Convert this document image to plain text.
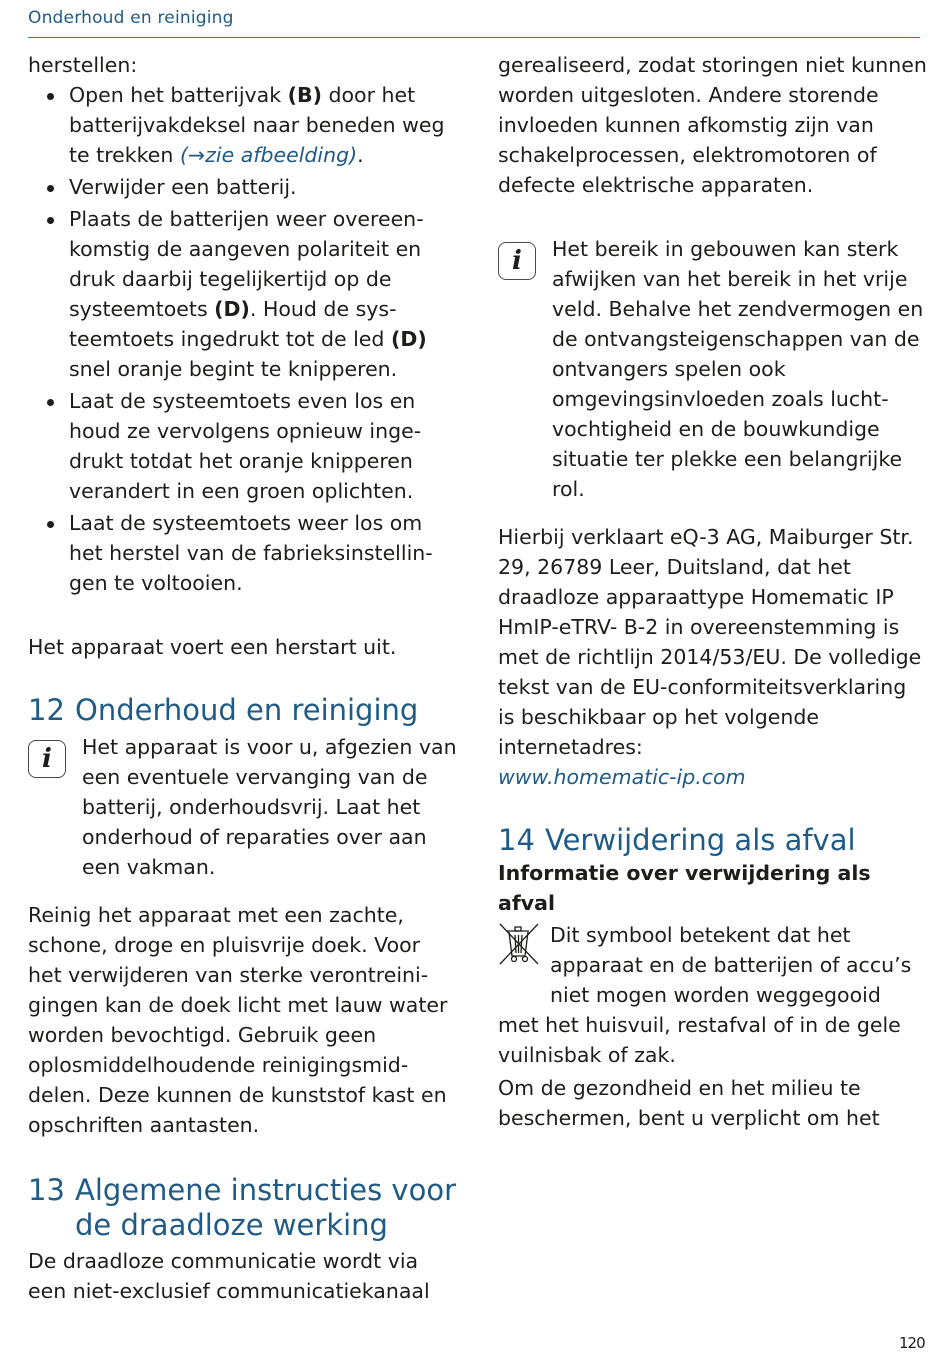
Onderhoud en reiniging

herstellen:

Open het batterijvak (B) door het batterijvakdeksel naar beneden weg te trekken (→zie afbeelding).
Verwijder een batterij.
Plaats de batterijen weer overeenkomstig de aangeven polariteit en druk daarbij tegelijkertijd op de systeemtoets (D). Houd de systeemtoets ingedrukt tot de led (D) snel oranje begint te knipperen.
Laat de systeemtoets even los en houd ze vervolgens opnieuw ingedrukt totdat het oranje knipperen verandert in een groen oplichten.
Laat de systeemtoets weer los om het herstel van de fabrieksinstellingen te voltooien.

Het apparaat voert een herstart uit.

12 Onderhoud en reiniging
i	Het apparaat is voor u, afgezien van een eventuele vervanging van de batterij, onderhoudsvrij. Laat het onderhoud of reparaties over aan een vakman.

Reinig het apparaat met een zachte, schone, droge en pluisvrije doek. Voor het verwijderen van sterke verontreinigingen kan de doek licht met lauw water worden bevochtigd. Gebruik geen oplosmiddelhoudende reinigingsmiddelen. Deze kunnen de kunststof kast en opschriften aantasten.

13 Algemene instructies voor
de draadloze werking

De draadloze communicatie wordt via een niet-exclusief communicatiekanaal

gerealiseerd, zodat storingen niet kunnen worden uitgesloten. Andere storende invloeden kunnen afkomstig zijn van schakelprocessen, elektromotoren of defecte elektrische apparaten.

i	Het bereik in gebouwen kan sterk afwijken van het bereik in het vrije veld. Behalve het zendvermogen en de ontvangsteigenschappen van de ontvangers spelen ook omgevingsinvloeden zoals luchtvochtigheid en de bouwkundige situatie ter plekke een belangrijke rol.

Hierbij verklaart eQ-3 AG, Maiburger Str. 29, 26789 Leer, Duitsland, dat het draadloze apparaattype Homematic IP HmIP-eTRV- B-2 in overeenstemming is met de richtlijn 2014/53/EU. De volledige tekst van de EU-conformiteitsverklaring is beschikbaar op het volgende internetadres:

www.homematic-ip.com

14 Verwijdering als afval

Informatie over verwijdering als afval

Dit symbool betekent dat het apparaat en de batterijen of accu’s niet mogen worden weggegooid

met het huisvuil, restafval of in de gele vuilnisbak of zak.

Om de gezondheid en het milieu te beschermen, bent u verplicht om het

120
